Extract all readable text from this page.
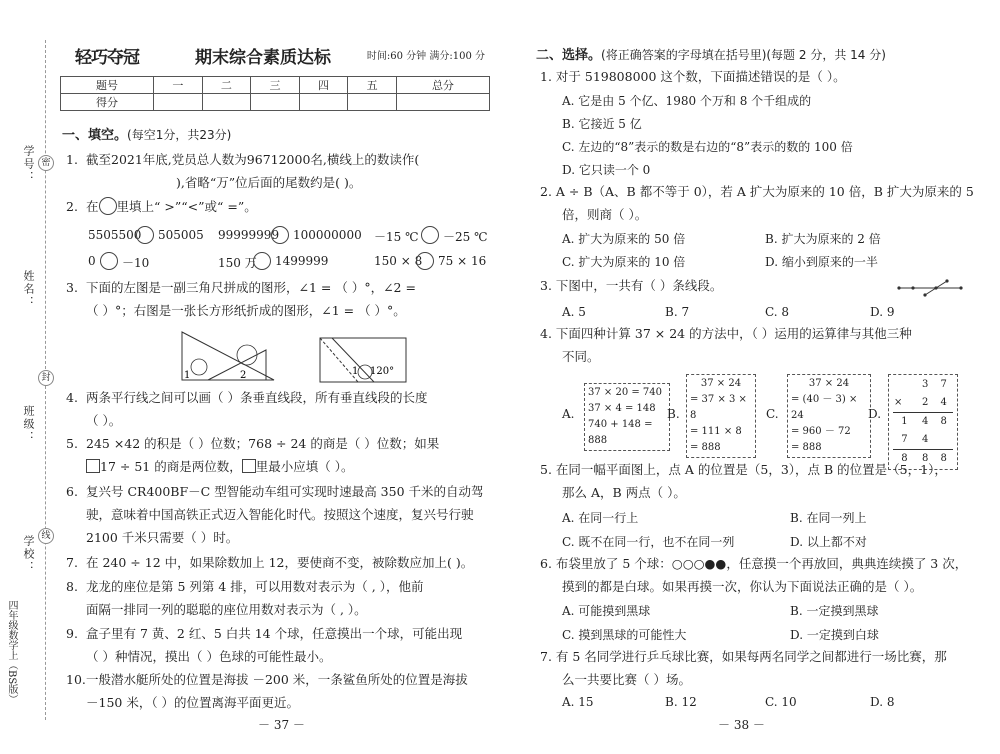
学号：
姓名：
班级：
学校：
四年级数学上（BS版）
密
封
线
轻巧夺冠	期末综合素质达标	时间:60 分钟 满分:100 分
题号	一	二	三	四	五	总分
得分						
一、填空。(每空1分，共23分)
1. 截至2021年底,党员总人数为96712000名,横线上的数读作(
),省略“万”位后面的尾数约是( )。
2. 在 里填上“ >”“<”或“ =”。
5505500 505005 99999999 100000000 －15 ℃ －25 ℃
0 －10	150 万 1499999	150 × 8 75 × 16
3. 下面的左图是一副三角尺拼成的图形，∠1 = （ ）°，∠2 =
（ ）°；右图是一张长方形纸折成的图形，∠1 = （ ）°。
1	2	1 120°
4. 两条平行线之间可以画（ ）条垂直线段，所有垂直线段的长度
（ ）。
5. 245 ×42 的积是（ ）位数；768 ÷ 24 的商是（ ）位数；如果
17 ÷ 51 的商是两位数， 里最小应填（ ）。
6. 复兴号 CR400BF－C 型智能动车组可实现时速最高 350 千米的自动驾
驶，意味着中国高铁正式迈入智能化时代。按照这个速度，复兴号行驶
2100 千米只需要（ ）时。
7. 在 240 ÷ 12 中，如果除数加上 12，要使商不变，被除数应加上( )。
8. 龙龙的座位是第 5 列第 4 排，可以用数对表示为（ , ），他前
面隔一排同一列的聪聪的座位用数对表示为（ , ）。
9. 盒子里有 7 黄、2 红、5 白共 14 个球，任意摸出一个球，可能出现
（ ）种情况，摸出（ ）色球的可能性最小。
10.一般潜水艇所处的位置是海拔 －200 米，一条鲨鱼所处的位置是海拔
－150 米，（ ）的位置离海平面更近。
－ 37 －
二、选择。(将正确答案的字母填在括号里)(每题 2 分，共 14 分)
1. 对于 519808000 这个数，下面描述错误的是（ ）。
A. 它是由 5 个亿、1980 个万和 8 个千组成的
B. 它接近 5 亿
C. 左边的“8”表示的数是右边的“8”表示的数的 100 倍
D. 它只读一个 0
2. A ÷ B（A、B 都不等于 0），若 A 扩大为原来的 10 倍，B 扩大为原来的 5
倍，则商（ ）。
A. 扩大为原来的 50 倍	B. 扩大为原来的 2 倍
C. 扩大为原来的 10 倍	D. 缩小到原来的一半
3. 下图中，一共有（ ）条线段。
A. 5	B. 7	C. 8	D. 9
4. 下面四种计算 37 × 24 的方法中，（ ）运用的运算律与其他三种
不同。
A.
37 × 20 = 740
37 × 4 = 148
740 + 148 = 888
B.
37 × 24
= 37 × 3 × 8
= 111 × 8
= 888
C.
37 × 24
= (40 － 3) × 24
= 960 － 72
= 888
D.
	3	7
×	2	4
1	4	8
7	4	
8	8	8
5. 在同一幅平面图上，点 A 的位置是（5，3），点 B 的位置是（5，1），
那么 A，B 两点（ ）。
A. 在同一行上	B. 在同一列上
C. 既不在同一行，也不在同一列	D. 以上都不对
6. 布袋里放了 5 个球：○○○●●，任意摸一个再放回，典典连续摸了 3 次，
摸到的都是白球。如果再摸一次，你认为下面说法正确的是（ ）。
A. 可能摸到黑球	B. 一定摸到黑球
C. 摸到黑球的可能性大	D. 一定摸到白球
7. 有 5 名同学进行乒乓球比赛，如果每两名同学之间都进行一场比赛，那
么一共要比赛（ ）场。
A. 15	B. 12	C. 10	D. 8
－ 38 －
